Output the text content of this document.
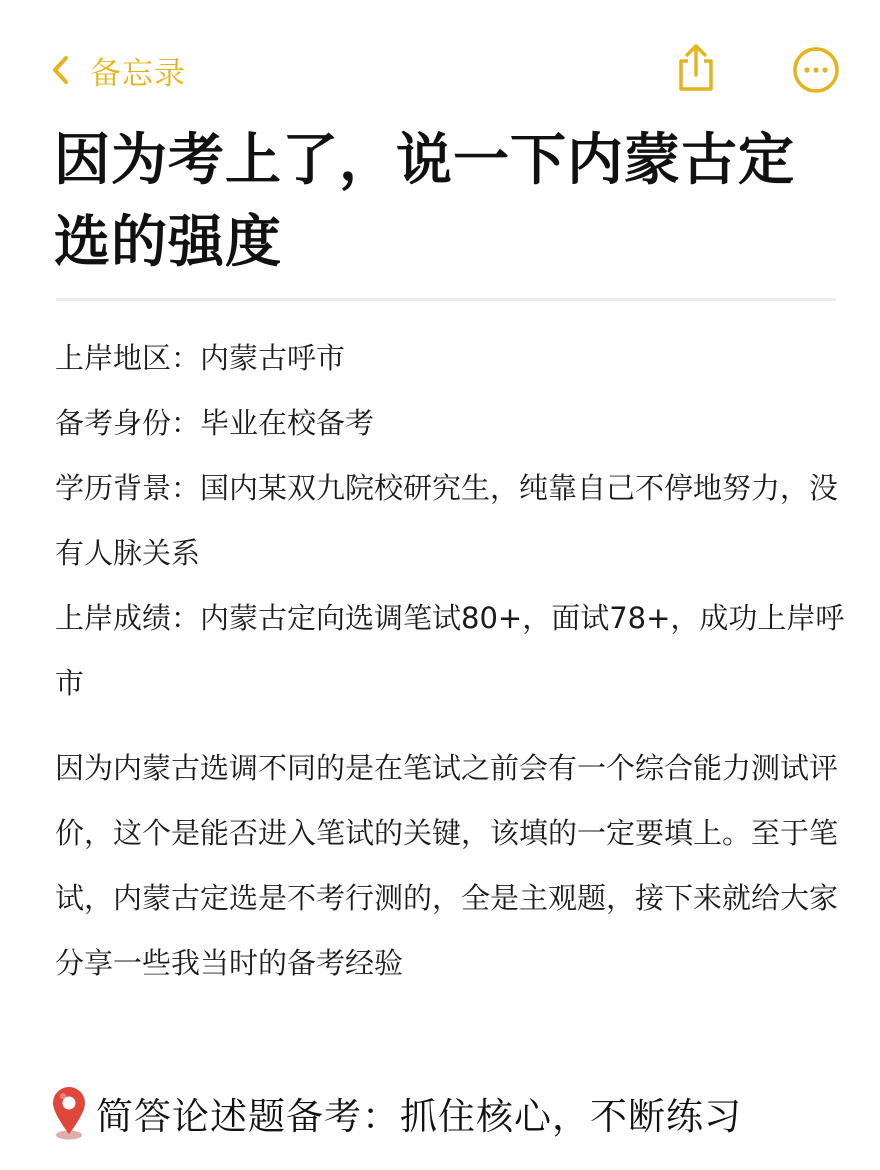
备忘录
因为考上了，说一下内蒙古定选的强度

上岸地区：内蒙古呼市

备考身份：毕业在校备考

学历背景：国内某双九院校研究生，纯靠自己不停地努力，没有人脉关系

上岸成绩：内蒙古定向选调笔试80+，面试78+，成功上岸呼市

因为内蒙古选调不同的是在笔试之前会有一个综合能力测试评价，这个是能否进入笔试的关键，该填的一定要填上。至于笔试，内蒙古定选是不考行测的，全是主观题，接下来就给大家分享一些我当时的备考经验

简答论述题备考：抓住核心，不断练习
